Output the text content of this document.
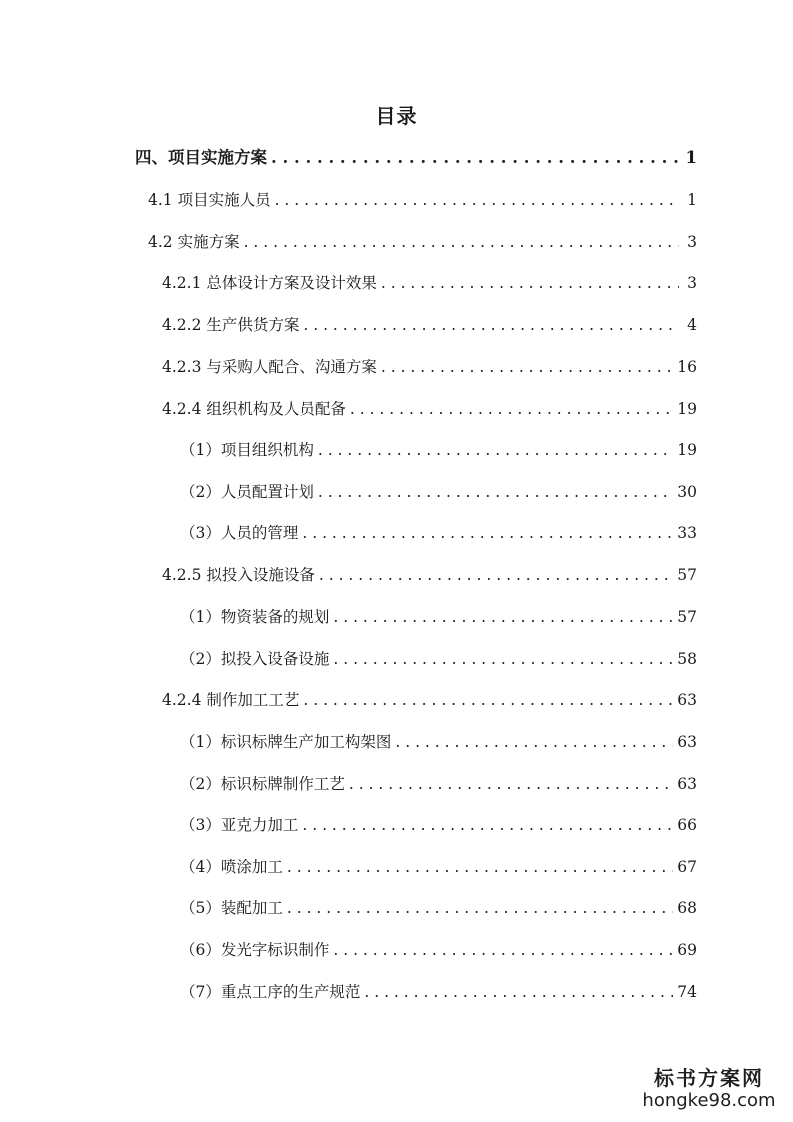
目录
四、项目实施方案 . . .	1
4.1 项目实施人员 . . .	1
4.2 实施方案 . . .	3
4.2.1 总体设计方案及设计效果 . . .	3
4.2.2 生产供货方案 . . .	4
4.2.3 与采购人配合、沟通方案 . . .	16
4.2.4 组织机构及人员配备 . . .	19
（1）项目组织机构 . . .	19
（2）人员配置计划 . . .	30
（3）人员的管理 . . .	33
4.2.5 拟投入设施设备 . . .	57
（1）物资装备的规划 . . .	57
（2）拟投入设备设施 . . .	58
4.2.4 制作加工工艺 . . .	63
（1）标识标牌生产加工构架图 . . .	63
（2）标识标牌制作工艺 . . .	63
（3）亚克力加工 . . .	66
（4）喷涂加工 . . .	67
（5）装配加工 . . .	68
（6）发光字标识制作 . . .	69
（7）重点工序的生产规范 . . .	74
标书方案网
hongke98.com
